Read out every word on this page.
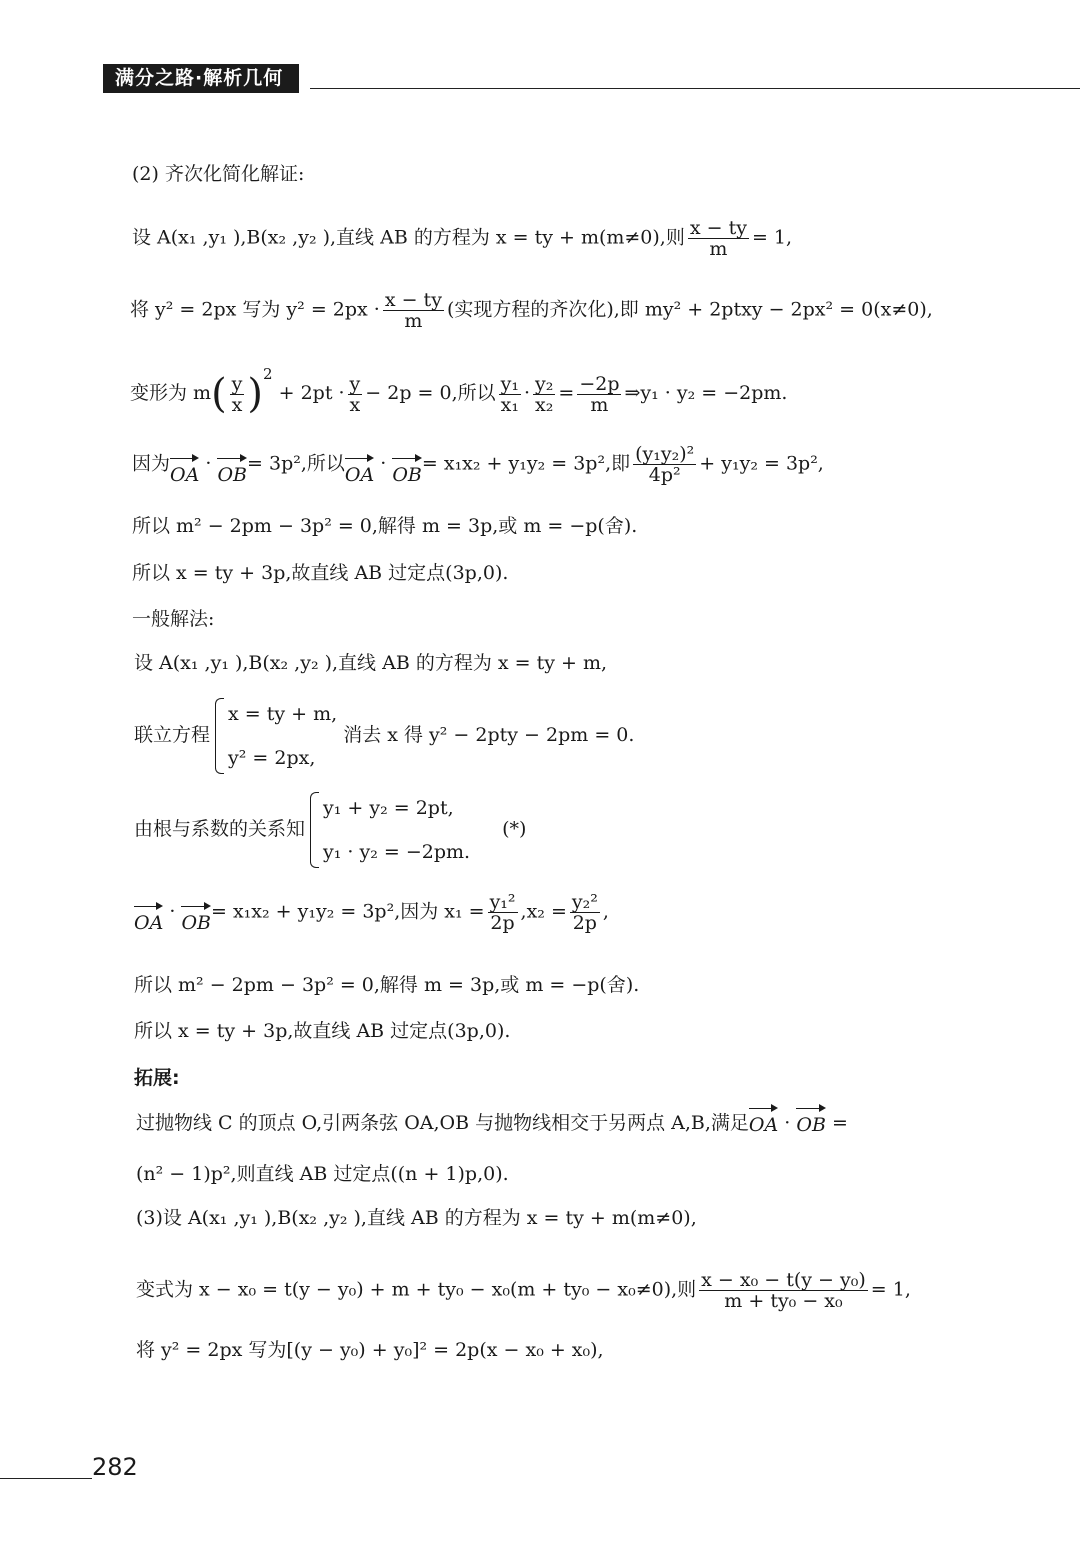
满分之路·解析几何
(2) 齐次化简化解证:
设 A(x₁ ,y₁ ),B(x₂ ,y₂ ),直线 AB 的方程为 x = ty + m(m≠0),则 $\frac{x - ty}{m} = 1$,
将 y² = 2px 写为 $y^2 = 2px \cdot \frac{x - ty}{m}$ (实现方程的齐次化),即 my² + 2ptxy − 2px² = 0(x≠0),
变形为 $m( \frac{y}{x} )^2 + 2pt \cdot \frac{y}{x} - 2p = 0$,所以 $\frac{\text{y₁}}{\text{x₁}} \cdot \frac{\text{y₂}}{\text{x₂}} = \frac{-2p}{m}$ ⇒y₁ · y₂ = −2pm.
因为OA · OB= 3p²,所以OA · OB= x₁x₂ + y₁y₂ = 3p²,即 $\frac{\text{(y₁y₂)²}}{\text{4p²}} + y_1y_2 = 3p^2$,
所以 m² − 2pm − 3p² = 0,解得 m = 3p,或 m = −p(舍).
所以 x = ty + 3p,故直线 AB 过定点(3p,0).
一般解法:
设 A(x₁ ,y₁ ),B(x₂ ,y₂ ),直线 AB 的方程为 x = ty + m,
联立方程
x = ty + m,
y² = 2px,
消去 x 得 y² − 2pty − 2pm = 0.
由根与系数的关系知
y₁ + y₂ = 2pt,
y₁ · y₂ = −2pm.
(*)
OA · OB= x₁x₂ + y₁y₂ = 3p²,因为 $x_1 = \frac{\text{y₁²}}{2p} ,x_2 = \frac{\text{y₂²}}{2p}$ ,
所以 m² − 2pm − 3p² = 0,解得 m = 3p,或 m = −p(舍).
所以 x = ty + 3p,故直线 AB 过定点(3p,0).
拓展:
过抛物线 C 的顶点 O,引两条弦 OA,OB 与抛物线相交于另两点 A,B,满足OA · OB =
(n² − 1)p²,则直线 AB 过定点((n + 1)p,0).
(3)设 A(x₁ ,y₁ ),B(x₂ ,y₂ ),直线 AB 的方程为 x = ty + m(m≠0),
变式为 x − x₀ = t(y − y₀) + m + ty₀ − x₀(m + ty₀ − x₀≠0),则 $\frac{\text{x − x₀ − t(y − y₀)}}{\text{m + ty₀ − x₀}} = 1$,
将 y² = 2px 写为[(y − y₀) + y₀]² = 2p(x − x₀ + x₀),
282
